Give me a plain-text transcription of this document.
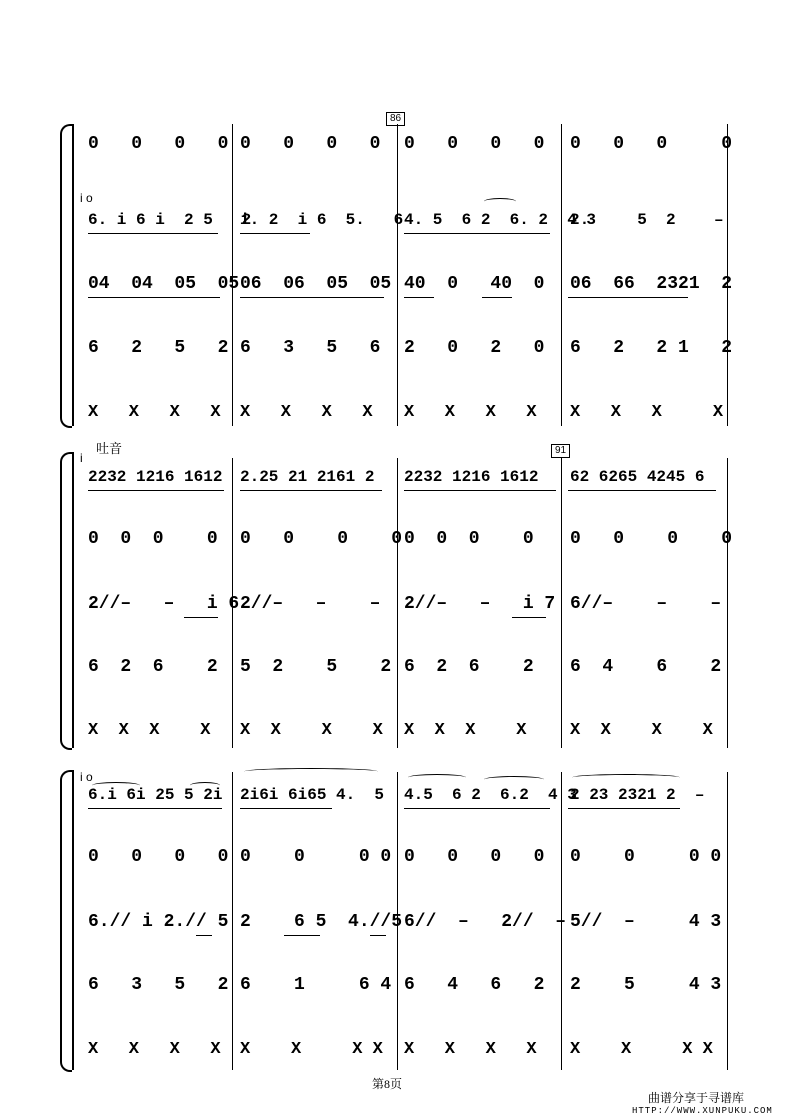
86
i o
0   0   0   0 0   0   0   0 0   0   0   0 0   0   0     0
6. i 6 i  2 5   2
i. 2  i 6  5.   6 4. 5  6 2  6. 2  4 3
2.     5  2    –
04  04  05  05 06  06  05  05 40  0   40  0 06  66  2321  2
6   2   5   2 6   3   5   6 2   0   2   0 6   2   2 1   2
X   X   X   X X   X   X   X X   X   X   X X   X   X     X
吐音	91
i
2232 1216 1612 2.25 21 2161 2 2232 1216 1612 62 6265 4245 6
0  0  0    0 0   0    0    0 0  0  0    0 0   0    0    0
2//–   –   i 6 2//–   –    – 2//–   –   i 7 6//–    –    –
6  2  6    2 5  2    5    2 6  2  6    2 6  4    6    2
X  X  X    X X  X    X    X X  X  X    X	X  X    X    X
i o
6.i 6i 25 5 2i 2i6i 6i65 4.  5 4.5  6 2  6.2  4 3
2 23 2321 2  –
0   0   0   0 0    0     0 0 0   0   0   0 0    0     0 0
6.// i 2.// 5 2    6 5  4.//5 6//  –   2//  – 5//  –     4 3
6   3   5   2 6    1     6 4 6   4   6   2 2    5     4 3
X   X   X   X X    X     X X X   X   X   X X    X     X X
第8页
曲谱分享于寻谱库
HTTP://WWW.XUNPUKU.COM
